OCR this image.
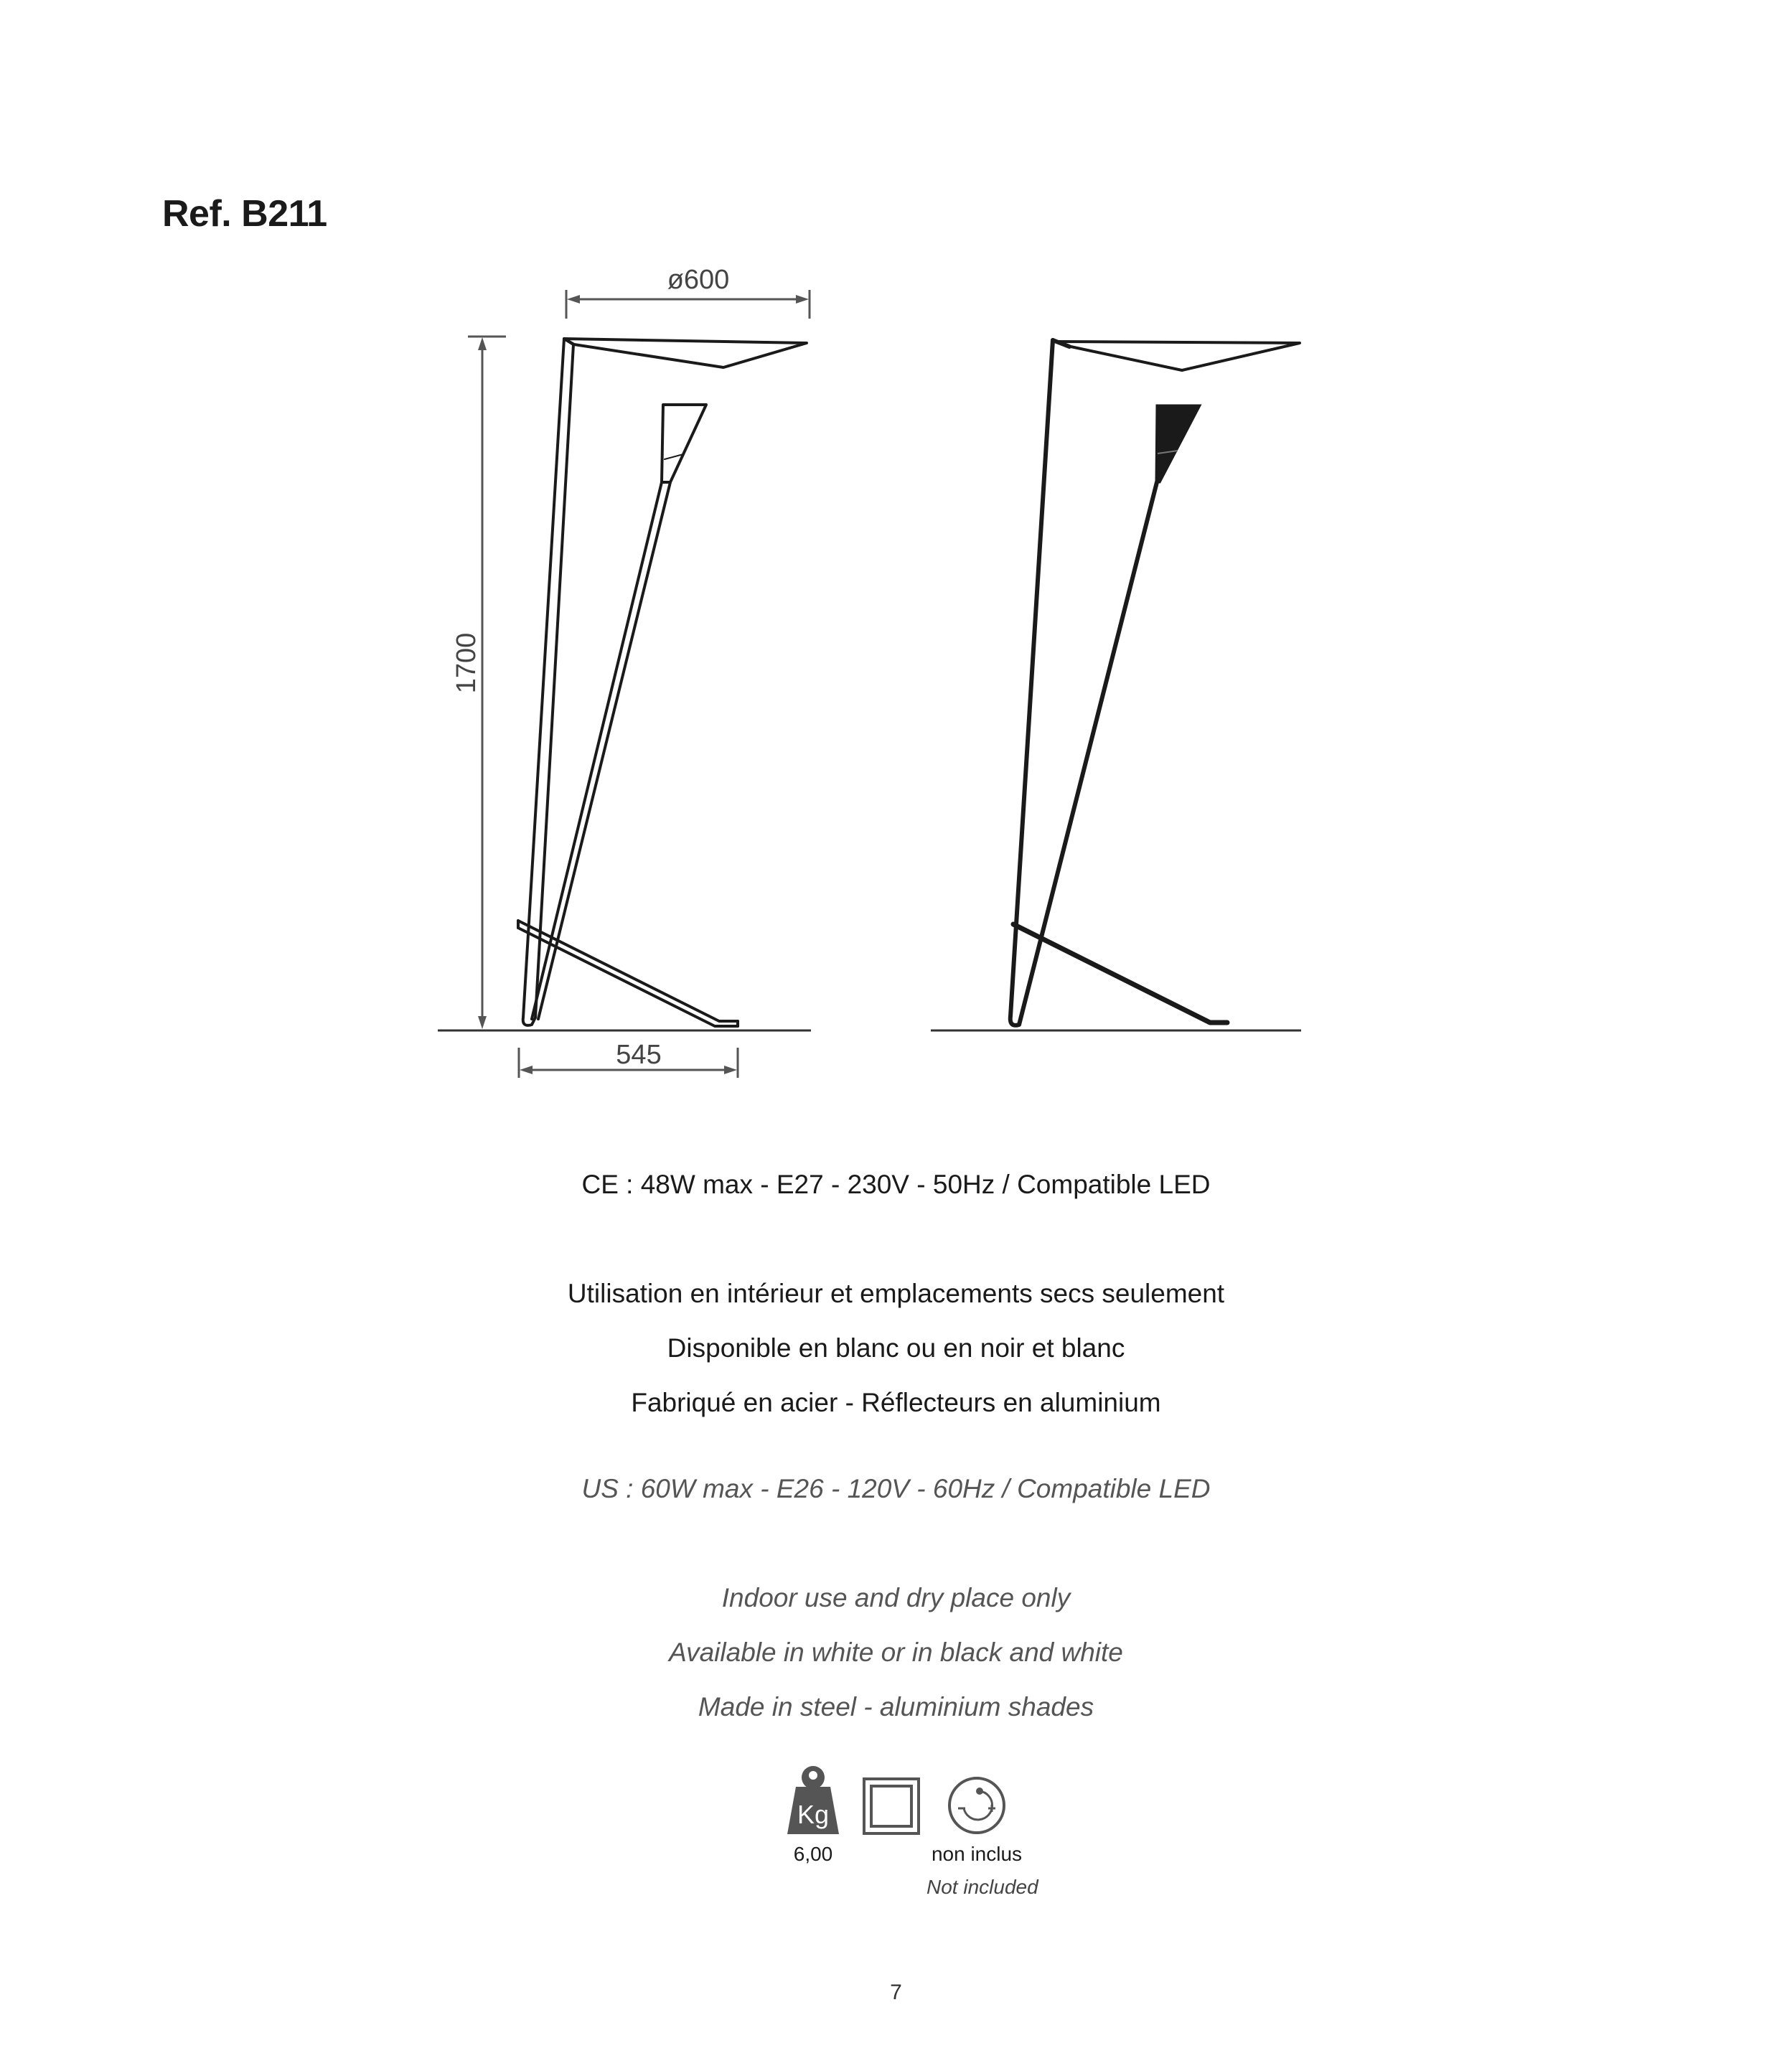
Ref. B211
ø600
1700
545

CE : 48W max - E27 - 230V - 50Hz / Compatible LED

Utilisation en intérieur et emplacements secs seulement

Disponible en blanc ou en noir et blanc

Fabriqué en acier - Réflecteurs en aluminium

US : 60W max - E26 - 120V - 60Hz / Compatible LED

Indoor use and dry place only

Available in white or in black and white

Made in steel - aluminium shades

Kg
6,00	non inclus
Not included
7
